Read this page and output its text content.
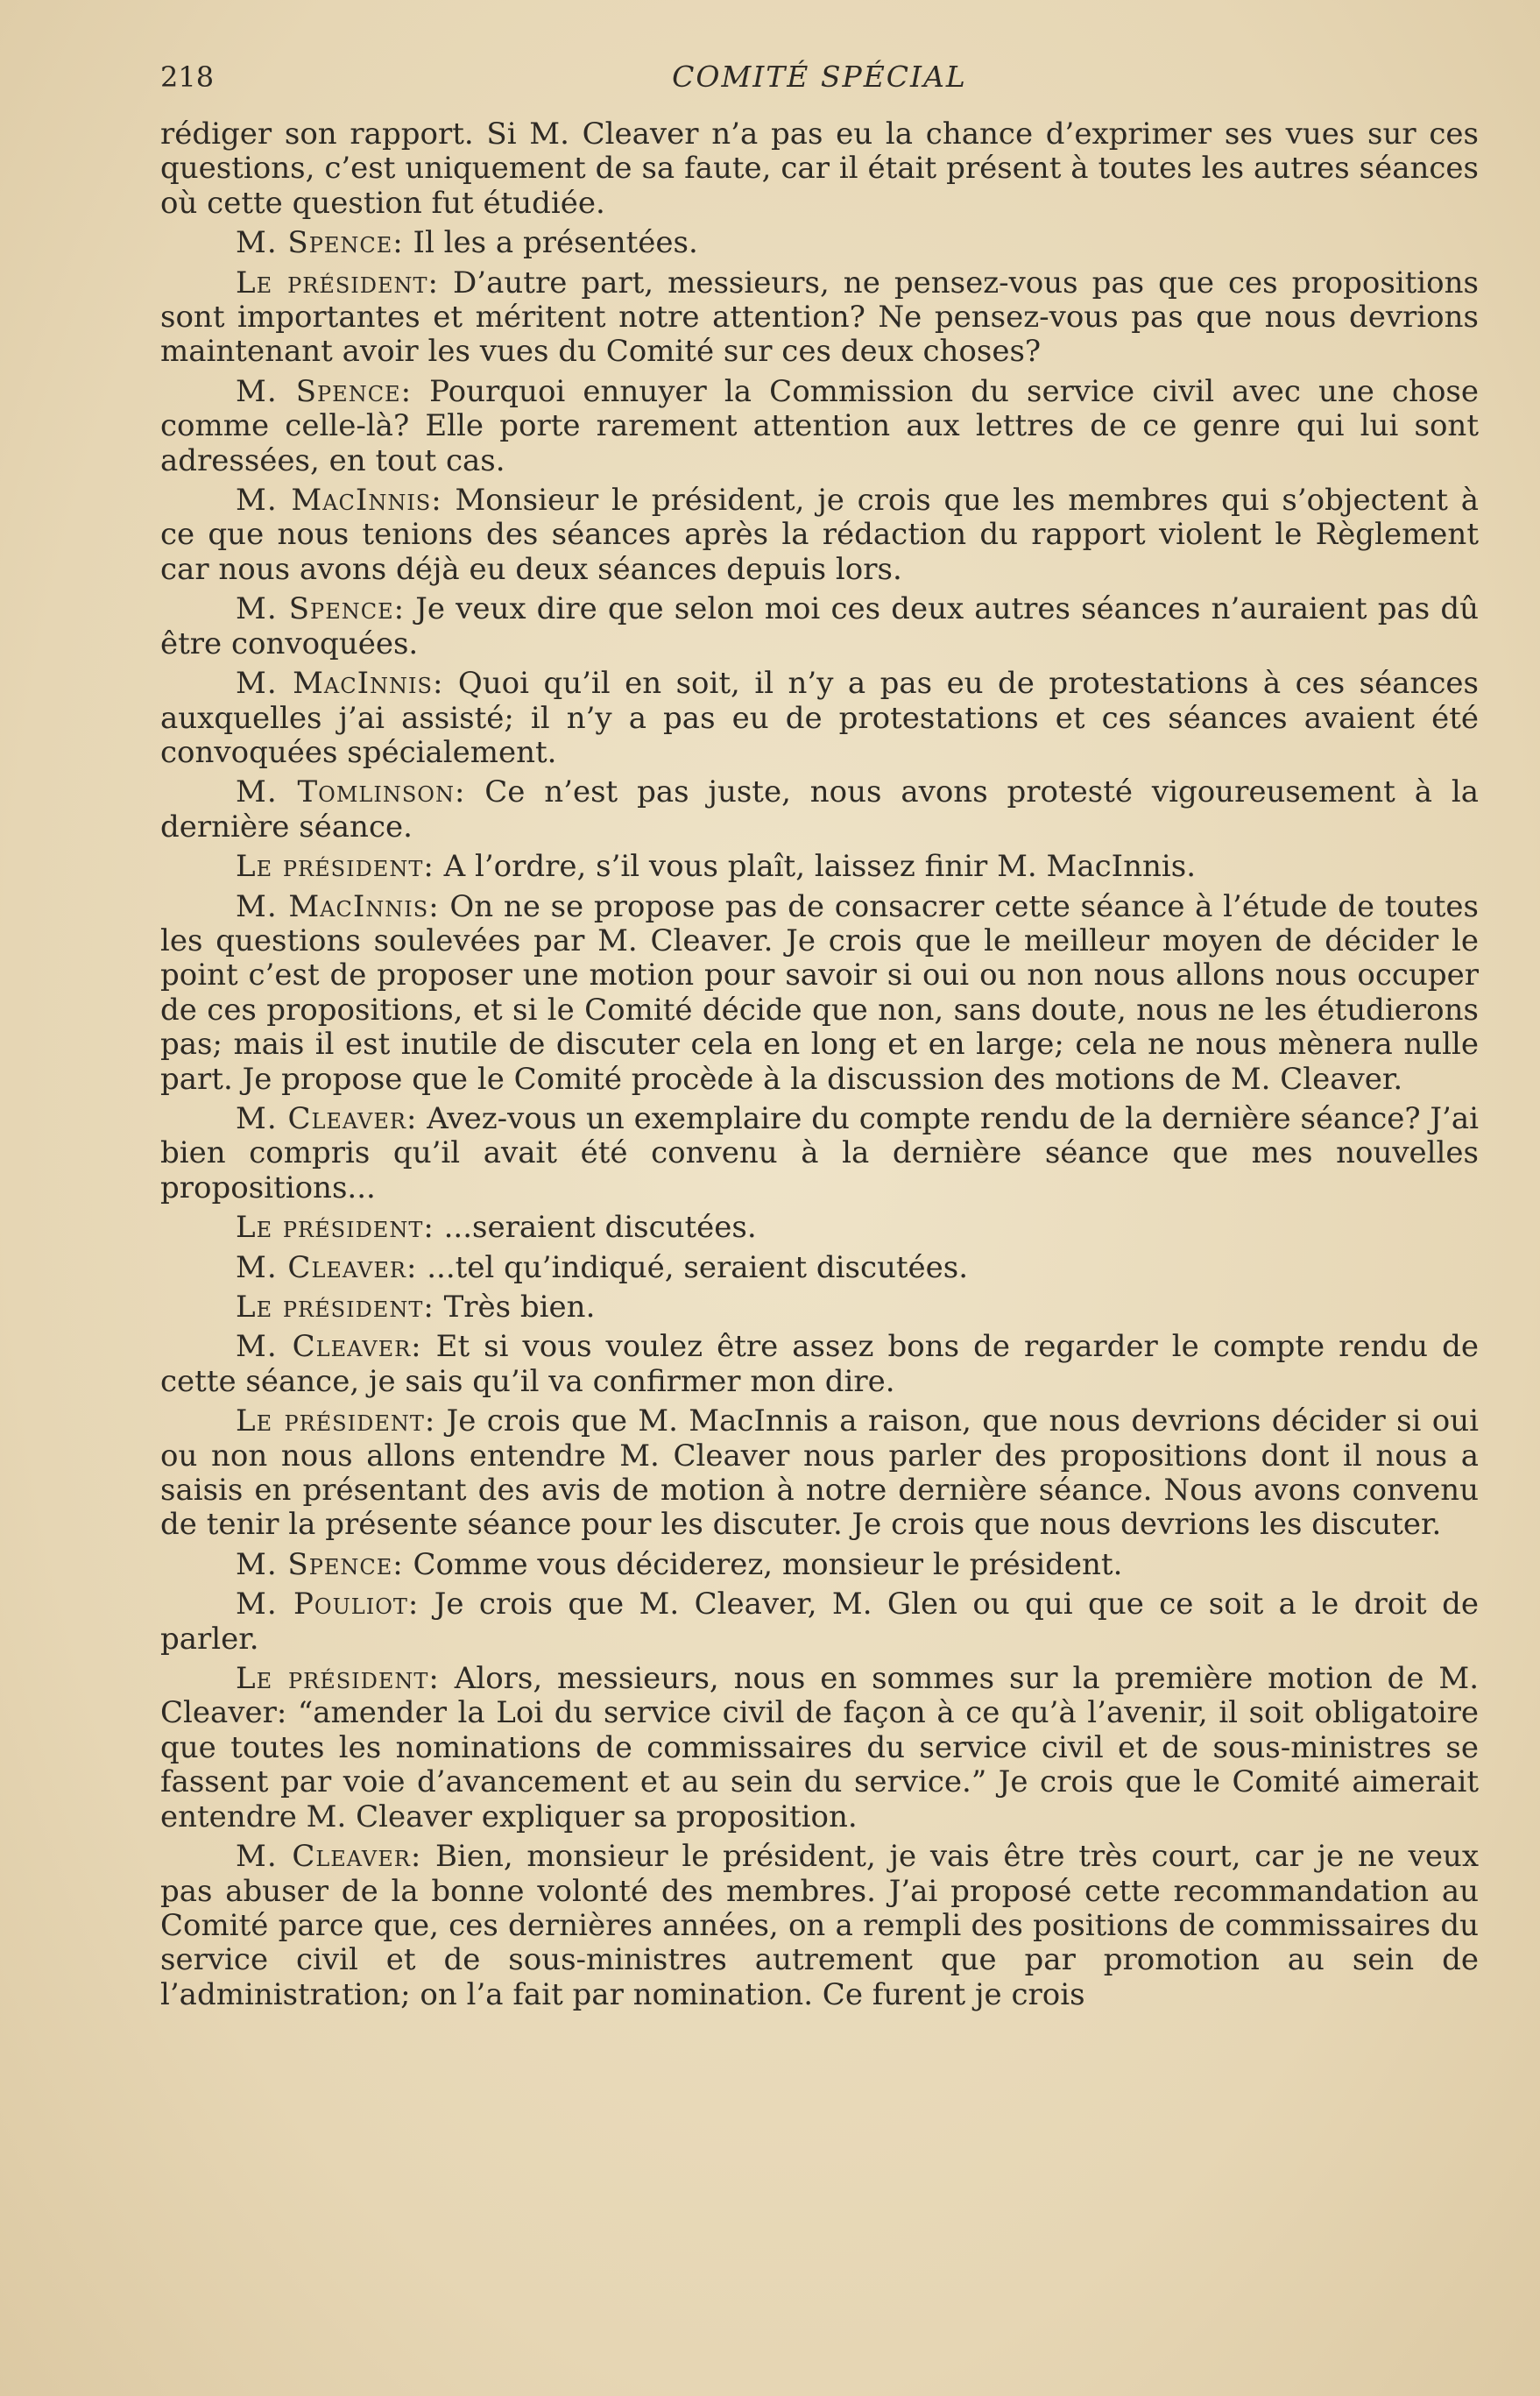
218	COMITÉ SPÉCIAL

rédiger son rapport. Si M. Cleaver n’a pas eu la chance d’exprimer ses vues sur ces questions, c’est uniquement de sa faute, car il était présent à toutes les autres séances où cette question fut étudiée.

M. Spence: Il les a présentées.

Le président: D’autre part, messieurs, ne pensez-vous pas que ces propositions sont importantes et méritent notre attention? Ne pensez-vous pas que nous devrions maintenant avoir les vues du Comité sur ces deux choses?

M. Spence: Pourquoi ennuyer la Commission du service civil avec une chose comme celle-là? Elle porte rarement attention aux lettres de ce genre qui lui sont adressées, en tout cas.

M. MacInnis: Monsieur le président, je crois que les membres qui s’objectent à ce que nous tenions des séances après la rédaction du rapport violent le Règlement car nous avons déjà eu deux séances depuis lors.

M. Spence: Je veux dire que selon moi ces deux autres séances n’auraient pas dû être convoquées.

M. MacInnis: Quoi qu’il en soit, il n’y a pas eu de protestations à ces séances auxquelles j’ai assisté; il n’y a pas eu de protestations et ces séances avaient été convoquées spécialement.

M. Tomlinson: Ce n’est pas juste, nous avons protesté vigoureusement à la dernière séance.

Le président: A l’ordre, s’il vous plaît, laissez finir M. MacInnis.

M. MacInnis: On ne se propose pas de consacrer cette séance à l’étude de toutes les questions soulevées par M. Cleaver. Je crois que le meilleur moyen de décider le point c’est de proposer une motion pour savoir si oui ou non nous allons nous occuper de ces propositions, et si le Comité décide que non, sans doute, nous ne les étudierons pas; mais il est inutile de discuter cela en long et en large; cela ne nous mènera nulle part. Je propose que le Comité procède à la discussion des motions de M. Cleaver.

M. Cleaver: Avez-vous un exemplaire du compte rendu de la dernière séance? J’ai bien compris qu’il avait été convenu à la dernière séance que mes nouvelles propositions...

Le président: ...seraient discutées.

M. Cleaver: ...tel qu’indiqué, seraient discutées.

Le président: Très bien.

M. Cleaver: Et si vous voulez être assez bons de regarder le compte rendu de cette séance, je sais qu’il va confirmer mon dire.

Le président: Je crois que M. MacInnis a raison, que nous devrions décider si oui ou non nous allons entendre M. Cleaver nous parler des propositions dont il nous a saisis en présentant des avis de motion à notre dernière séance. Nous avons convenu de tenir la présente séance pour les discuter. Je crois que nous devrions les discuter.

M. Spence: Comme vous déciderez, monsieur le président.

M. Pouliot: Je crois que M. Cleaver, M. Glen ou qui que ce soit a le droit de parler.

Le président: Alors, messieurs, nous en sommes sur la première motion de M. Cleaver: “amender la Loi du service civil de façon à ce qu’à l’avenir, il soit obligatoire que toutes les nominations de commissaires du service civil et de sous-ministres se fassent par voie d’avancement et au sein du service.” Je crois que le Comité aimerait entendre M. Cleaver expliquer sa proposition.

M. Cleaver: Bien, monsieur le président, je vais être très court, car je ne veux pas abuser de la bonne volonté des membres. J’ai proposé cette recommandation au Comité parce que, ces dernières années, on a rempli des positions de commissaires du service civil et de sous-ministres autrement que par promotion au sein de l’administration; on l’a fait par nomination. Ce furent je crois
